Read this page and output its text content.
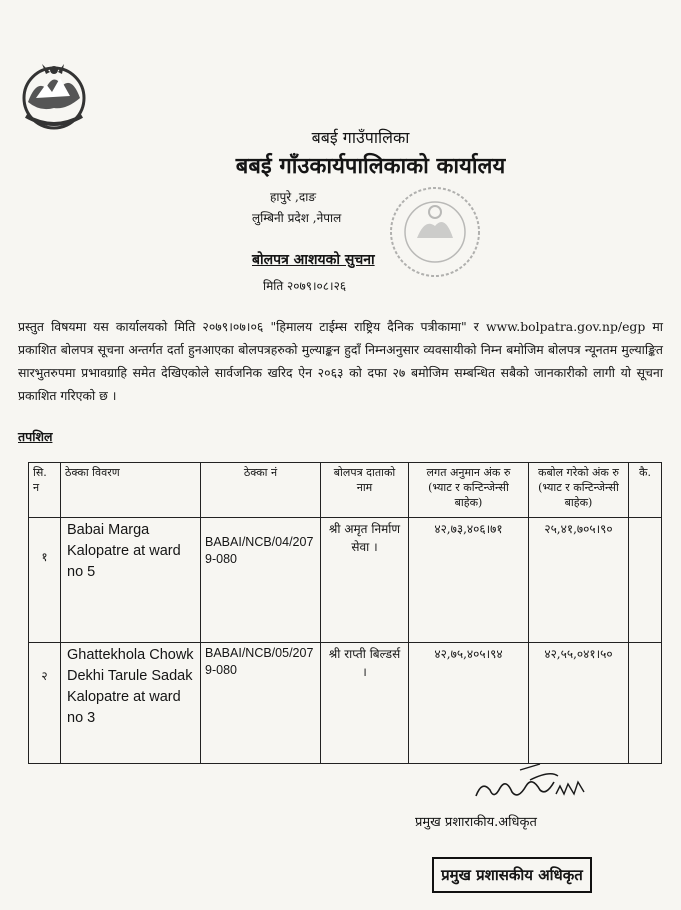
बबई गाउँपालिका
बबई गाँउकार्यपालिकाको कार्यालय
हापुरे ,दाङ
लुम्बिनी प्रदेश ,नेपाल
बोलपत्र आशयको सुचना
मिति २०७९।०८।२६
प्रस्तुत विषयमा यस कार्यालयको मिति २०७९।०७।०६ "हिमालय टाईम्स राष्ट्रिय दैनिक पत्रीकामा" र www.bolpatra.gov.np/egp मा प्रकाशित बोलपत्र सूचना अन्तर्गत दर्ता हुनआएका बोलपत्रहरुको मुल्याङ्कन हुदाँ निम्नअनुसार व्यवसायीको निम्न बमोजिम बोलपत्र न्यूनतम मुल्याङ्कित सारभुतरुपमा प्रभावग्राहि समेत देखिएकोले सार्वजनिक खरिद ऐन २०६३ को दफा २७ बमोजिम सम्बन्धित सबैको जानकारीको लागी यो सूचना प्रकाशित गरिएको छ ।
तपशिल
सि. न	ठेक्का विवरण	ठेक्का नं	बोलपत्र दाताको नाम	लगत अनुमान अंक रु (भ्याट र कन्टिन्जेन्सी बाहेक)	कबोल गरेको अंक रु (भ्याट र कन्टिन्जेन्सी बाहेक)	कै.
१	Babai Marga Kalopatre at ward no 5	BABAI/NCB/04/2079-080	श्री अमृत निर्माण सेवा ।	४२,७३,४०६।७१	२५,४१,७०५।९०	
२	Ghattekhola Chowk Dekhi Tarule Sadak Kalopatre at ward no 3	BABAI/NCB/05/2079-080	श्री राप्ती बिल्डर्स ।	४२,७५,४०५।९४	४२,५५,०४१।५०	
प्रमुख प्रशाराकीय.अधिकृत
प्रमुख प्रशासकीय अधिकृत
